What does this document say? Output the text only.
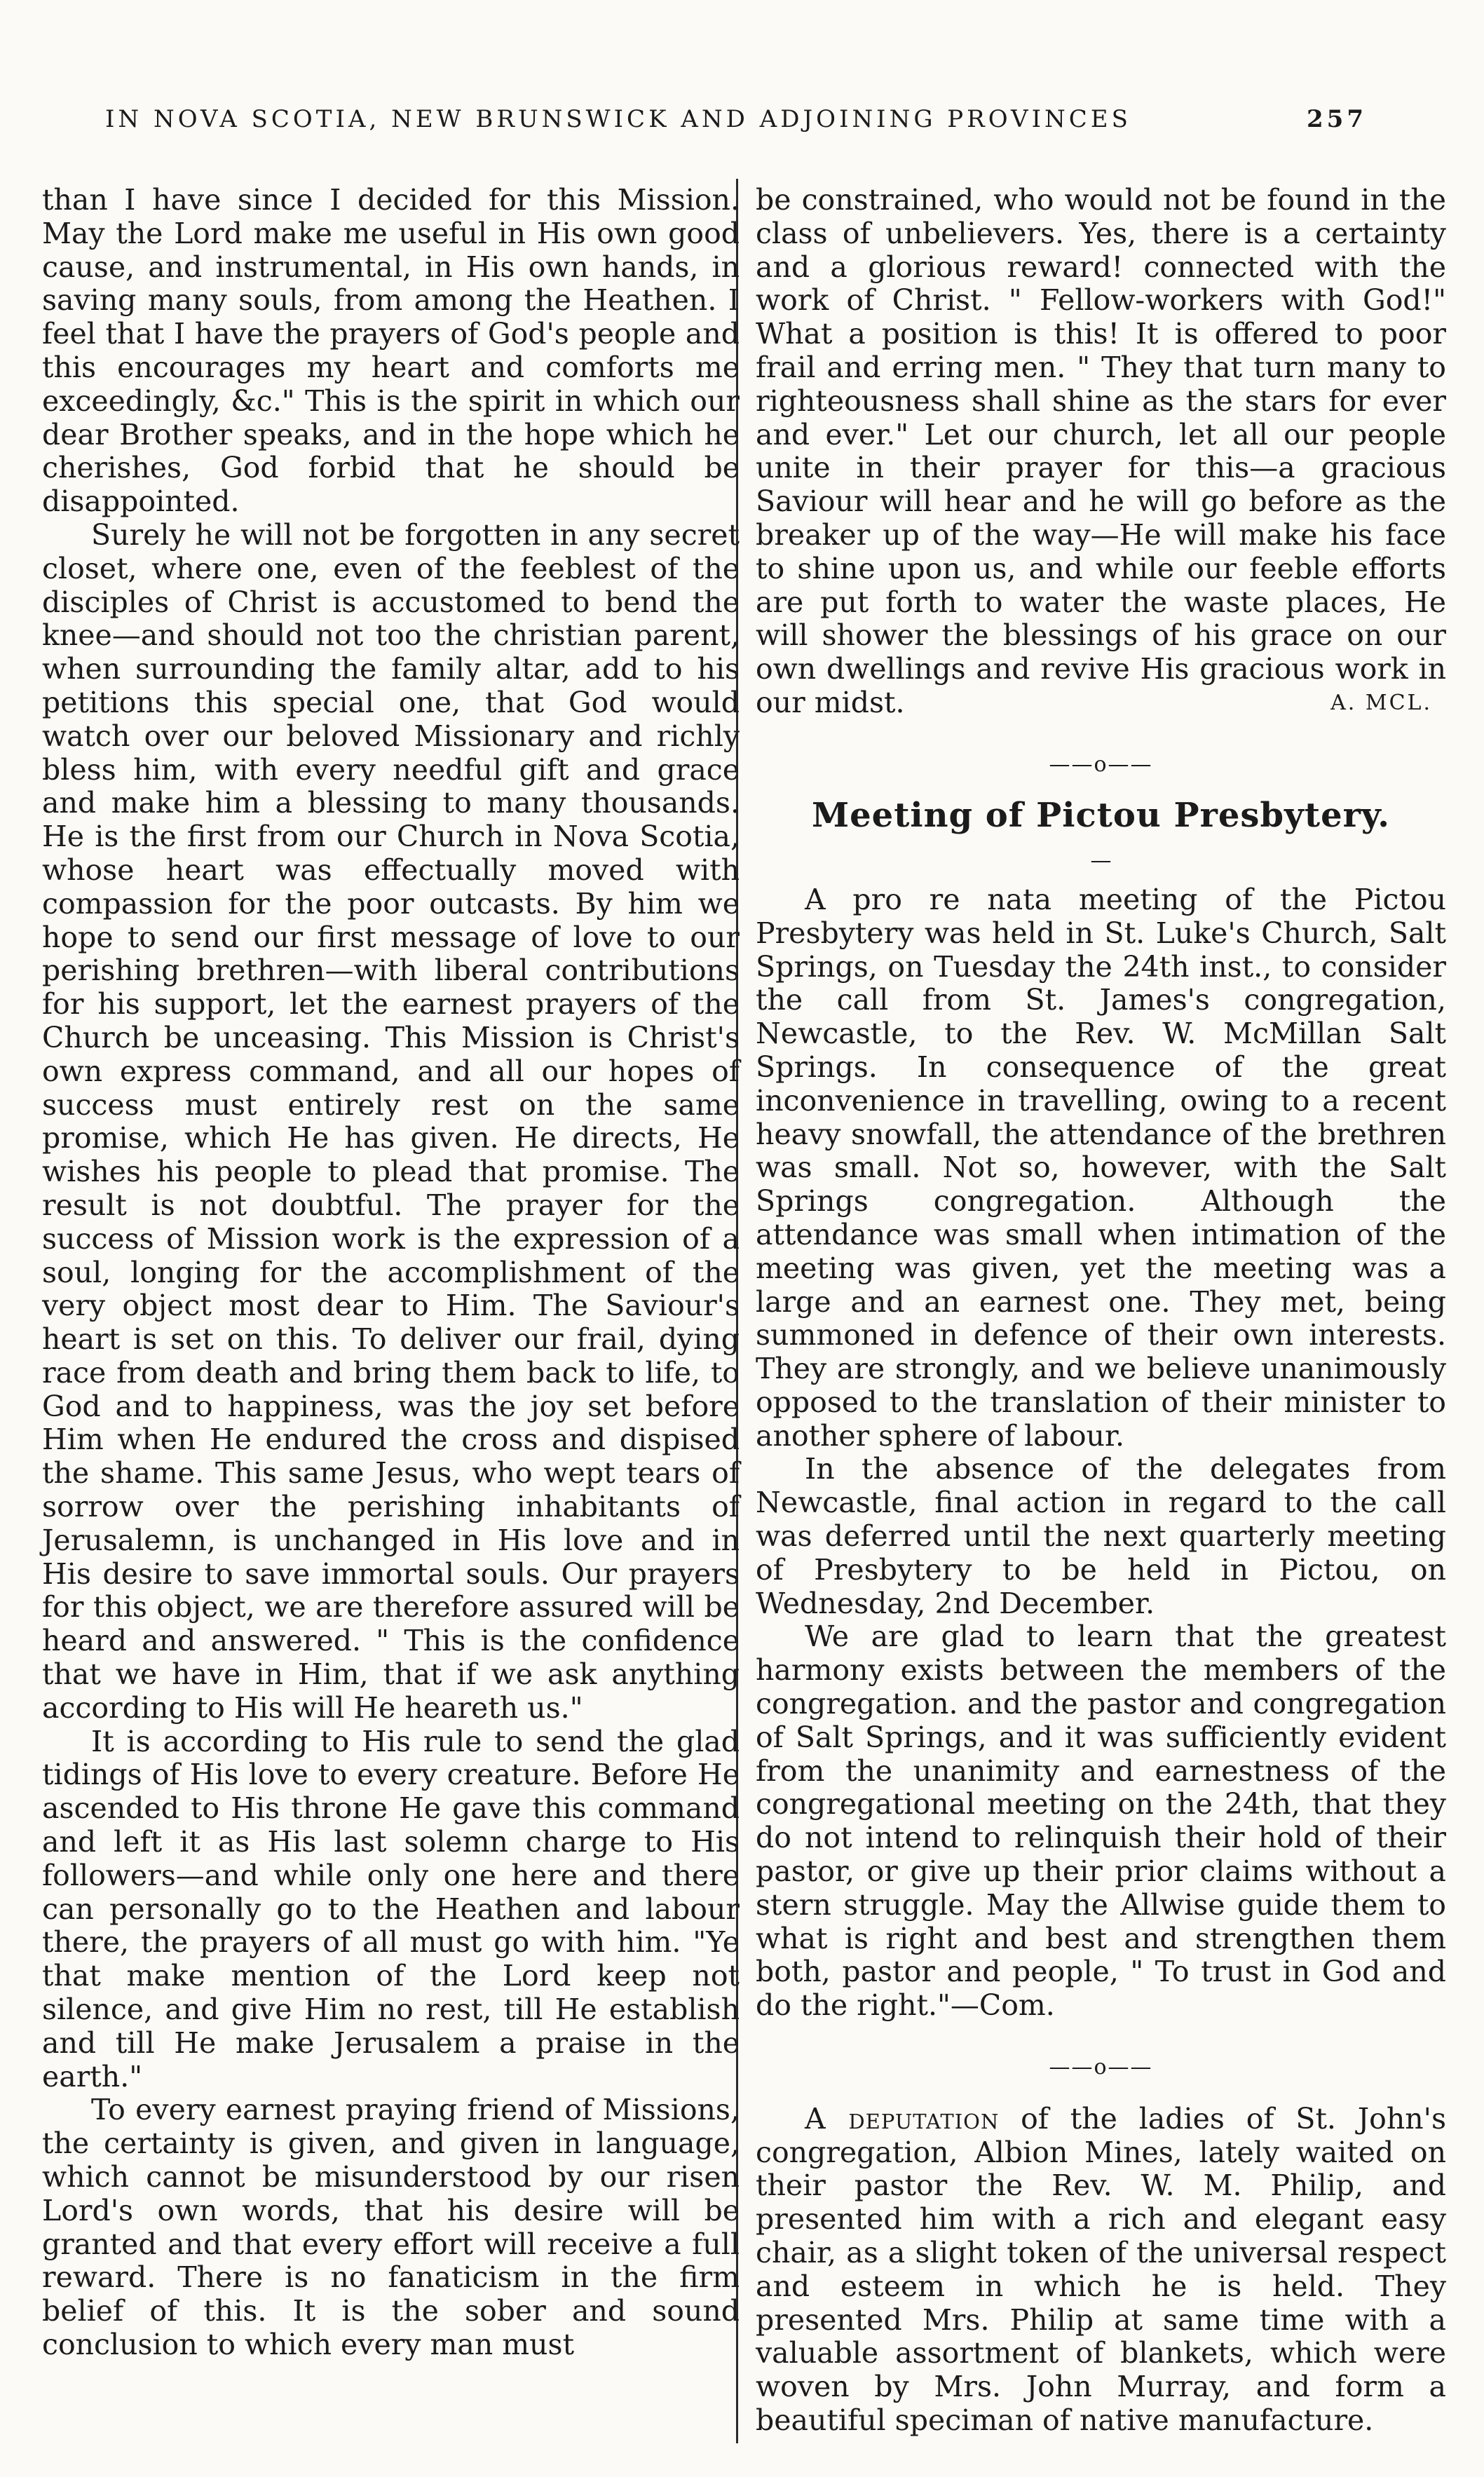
IN NOVA SCOTIA, NEW BRUNSWICK AND ADJOINING PROVINCES	257

than I have since I decided for this Mission. May the Lord make me useful in His own good cause, and instrumental, in His own hands, in saving many souls, from among the Heathen. I feel that I have the prayers of God's people and this encourages my heart and comforts me exceedingly, &c." This is the spirit in which our dear Brother speaks, and in the hope which he cherishes, God forbid that he should be disappointed.

Surely he will not be forgotten in any secret closet, where one, even of the feeblest of the disciples of Christ is accustomed to bend the knee—and should not too the christian parent, when surrounding the family altar, add to his petitions this special one, that God would watch over our beloved Missionary and richly bless him, with every needful gift and grace and make him a blessing to many thousands. He is the first from our Church in Nova Scotia, whose heart was effectually moved with compassion for the poor outcasts. By him we hope to send our first message of love to our perishing brethren—with liberal contributions for his support, let the earnest prayers of the Church be unceasing. This Mission is Christ's own express command, and all our hopes of success must entirely rest on the same promise, which He has given. He directs, He wishes his people to plead that promise. The result is not doubtful. The prayer for the success of Mission work is the expression of a soul, longing for the accomplishment of the very object most dear to Him. The Saviour's heart is set on this. To deliver our frail, dying race from death and bring them back to life, to God and to happiness, was the joy set before Him when He endured the cross and dispised the shame. This same Jesus, who wept tears of sorrow over the perishing inhabitants of Jerusalemn, is unchanged in His love and in His desire to save immortal souls. Our prayers for this object, we are therefore assured will be heard and answered. " This is the confidence that we have in Him, that if we ask anything according to His will He heareth us."

It is according to His rule to send the glad tidings of His love to every creature. Before He ascended to His throne He gave this command and left it as His last solemn charge to His followers—and while only one here and there can personally go to the Heathen and labour there, the prayers of all must go with him. "Ye that make mention of the Lord keep not silence, and give Him no rest, till He establish and till He make Jerusalem a praise in the earth."

To every earnest praying friend of Missions, the certainty is given, and given in language, which cannot be misunderstood by our risen Lord's own words, that his desire will be granted and that every effort will receive a full reward. There is no fanaticism in the firm belief of this. It is the sober and sound conclusion to which every man must

be constrained, who would not be found in the class of unbelievers. Yes, there is a certainty and a glorious reward! connected with the work of Christ. " Fellow-workers with God!" What a position is this! It is offered to poor frail and erring men. " They that turn many to righteousness shall shine as the stars for ever and ever." Let our church, let all our people unite in their prayer for this—a gracious Saviour will hear and he will go before as the breaker up of the way—He will make his face to shine upon us, and while our feeble efforts are put forth to water the waste places, He will shower the blessings of his grace on our own dwellings and revive His gracious work in our midst.	A. MCL.
——o——
Meeting of Pictou Presbytery.
—

A pro re nata meeting of the Pictou Presbytery was held in St. Luke's Church, Salt Springs, on Tuesday the 24th inst., to consider the call from St. James's congregation, Newcastle, to the Rev. W. McMillan Salt Springs. In consequence of the great inconvenience in travelling, owing to a recent heavy snowfall, the attendance of the brethren was small. Not so, however, with the Salt Springs congregation. Although the attendance was small when intimation of the meeting was given, yet the meeting was a large and an earnest one. They met, being summoned in defence of their own interests. They are strongly, and we believe unanimously opposed to the translation of their minister to another sphere of labour.

In the absence of the delegates from Newcastle, final action in regard to the call was deferred until the next quarterly meeting of Presbytery to be held in Pictou, on Wednesday, 2nd December.

We are glad to learn that the greatest harmony exists between the members of the congregation. and the pastor and congregation of Salt Springs, and it was sufficiently evident from the unanimity and earnestness of the congregational meeting on the 24th, that they do not intend to relinquish their hold of their pastor, or give up their prior claims without a stern struggle. May the Allwise guide them to what is right and best and strengthen them both, pastor and people, " To trust in God and do the right."—Com.

——o——

A deputation of the ladies of St. John's congregation, Albion Mines, lately waited on their pastor the Rev. W. M. Philip, and presented him with a rich and elegant easy chair, as a slight token of the universal respect and esteem in which he is held. They presented Mrs. Philip at same time with a valuable assortment of blankets, which were woven by Mrs. John Murray, and form a beautiful speciman of native manufacture.
